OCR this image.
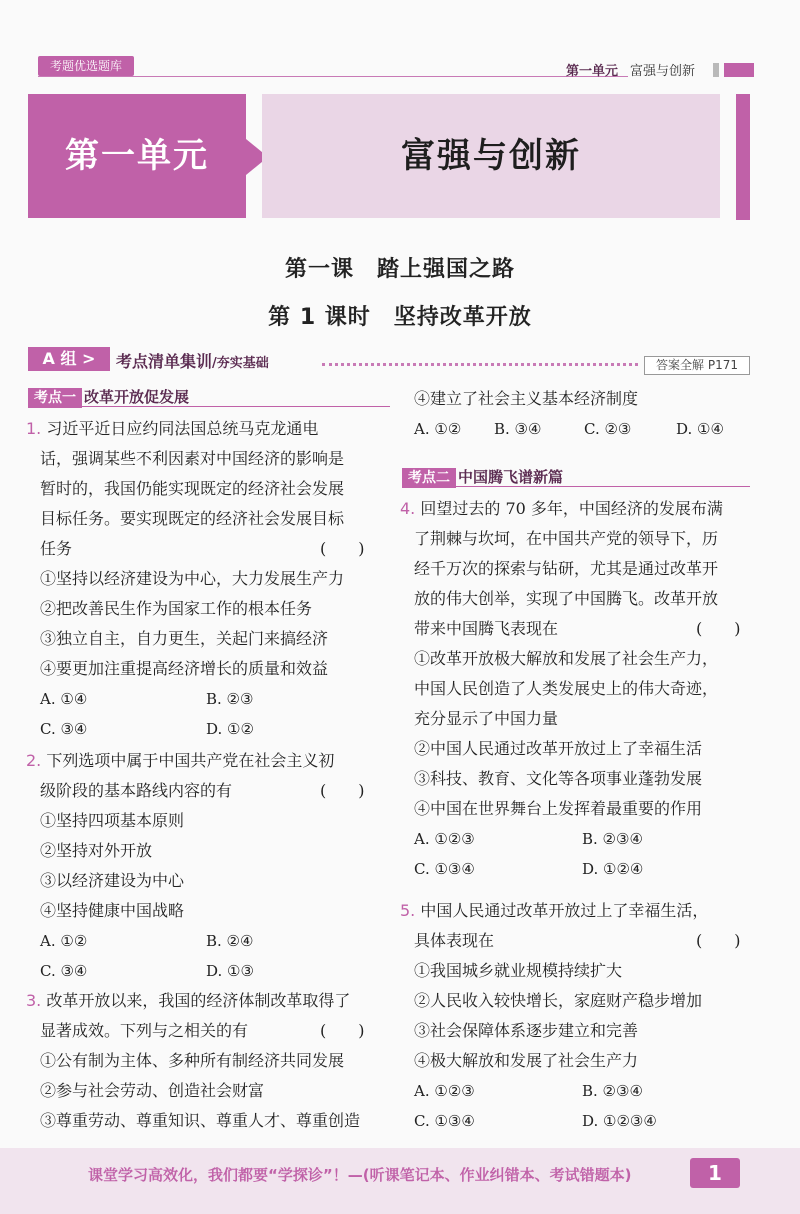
考题优选题库	第一单元 富强与创新
第一单元	富强与创新
第一课　踏上强国之路
第 1 课时　坚持改革开放
A 组 >	考点清单集训/夯实基础	答案全解 P171
考点一 改革开放促发展
1. 习近平近日应约同法国总统马克龙通电
话，强调某些不利因素对中国经济的影响是
暂时的，我国仍能实现既定的经济社会发展
目标任务。要实现既定的经济社会发展目标
任务	(　　)
①坚持以经济建设为中心，大力发展生产力
②把改善民生作为国家工作的根本任务
③独立自主，自力更生，关起门来搞经济
④要更加注重提高经济增长的质量和效益
A. ①④	B. ②③
C. ③④	D. ①②
2. 下列选项中属于中国共产党在社会主义初
级阶段的基本路线内容的有	(　　)
①坚持四项基本原则
②坚持对外开放
③以经济建设为中心
④坚持健康中国战略
A. ①②	B. ②④
C. ③④	D. ①③
3. 改革开放以来，我国的经济体制改革取得了
显著成效。下列与之相关的有	(　　)
①公有制为主体、多种所有制经济共同发展
②参与社会劳动、创造社会财富
③尊重劳动、尊重知识、尊重人才、尊重创造
④建立了社会主义基本经济制度
A. ①② B. ③④	C. ②③	D. ①④
考点二 中国腾飞谱新篇
4. 回望过去的 70 多年，中国经济的发展布满
了荆棘与坎坷，在中国共产党的领导下，历
经千万次的探索与钻研，尤其是通过改革开
放的伟大创举，实现了中国腾飞。改革开放
带来中国腾飞表现在	(　　)
①改革开放极大解放和发展了社会生产力，
中国人民创造了人类发展史上的伟大奇迹，
充分显示了中国力量
②中国人民通过改革开放过上了幸福生活
③科技、教育、文化等各项事业蓬勃发展
④中国在世界舞台上发挥着最重要的作用
A. ①②③	B. ②③④
C. ①③④	D. ①②④
5. 中国人民通过改革开放过上了幸福生活，
具体表现在	(　　)
①我国城乡就业规模持续扩大
②人民收入较快增长，家庭财产稳步增加
③社会保障体系逐步建立和完善
④极大解放和发展了社会生产力
A. ①②③	B. ②③④
C. ①③④	D. ①②③④
课堂学习高效化，我们都要“学探诊”！—(听课笔记本、作业纠错本、考试错题本)	1
